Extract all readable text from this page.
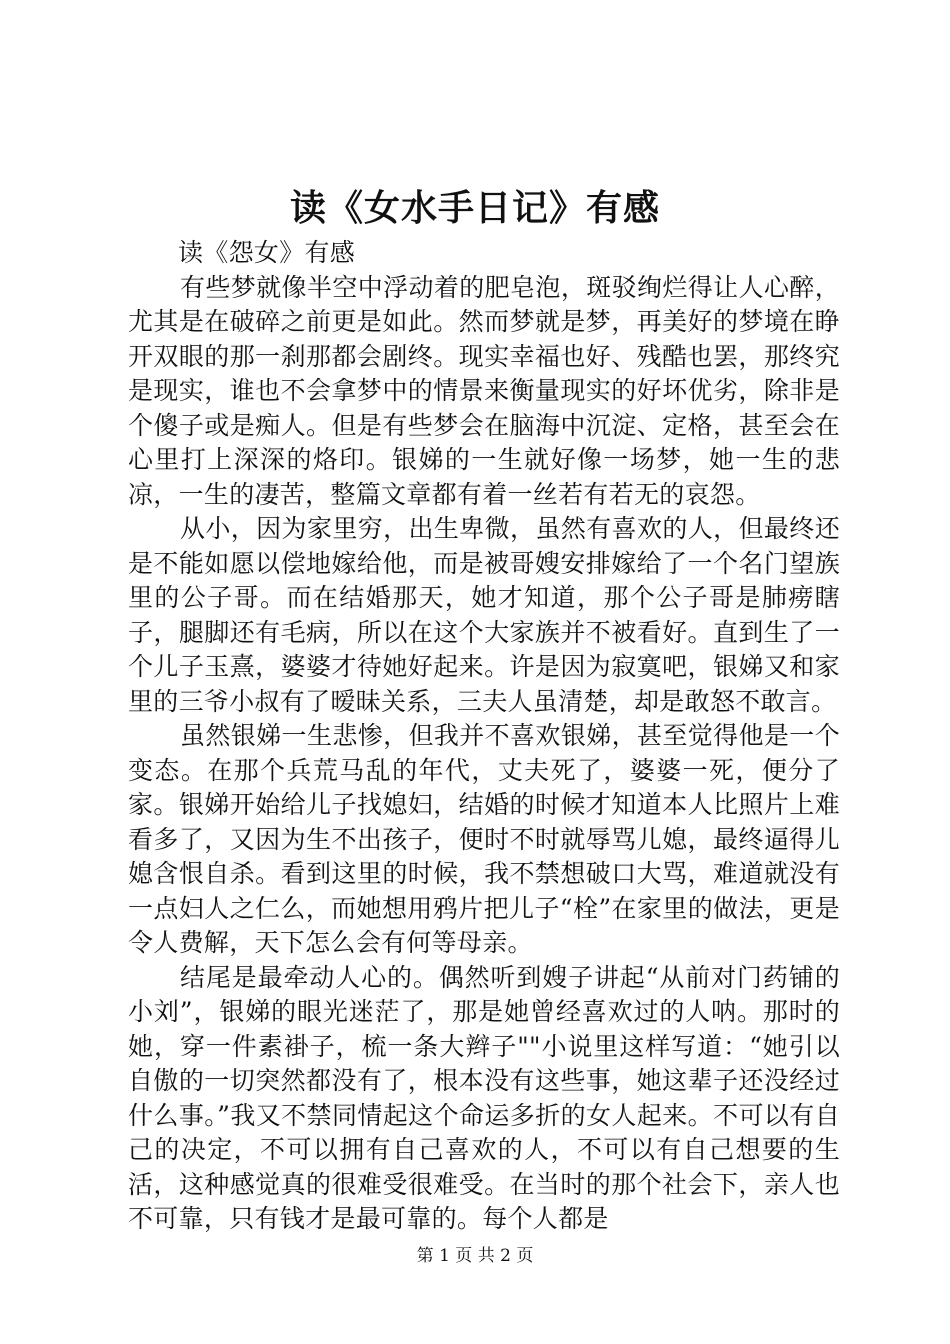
读《女水手日记》有感

读《怨女》有感

有些梦就像半空中浮动着的肥皂泡，斑驳绚烂得让人心醉，尤其是在破碎之前更是如此。然而梦就是梦，再美好的梦境在睁开双眼的那一刹那都会剧终。现实幸福也好、残酷也罢，那终究是现实，谁也不会拿梦中的情景来衡量现实的好坏优劣，除非是个傻子或是痴人。但是有些梦会在脑海中沉淀、定格，甚至会在心里打上深深的烙印。银娣的一生就好像一场梦，她一生的悲凉，一生的凄苦，整篇文章都有着一丝若有若无的哀怨。

从小，因为家里穷，出生卑微，虽然有喜欢的人，但最终还是不能如愿以偿地嫁给他，而是被哥嫂安排嫁给了一个名门望族里的公子哥。而在结婚那天，她才知道，那个公子哥是肺痨瞎子，腿脚还有毛病，所以在这个大家族并不被看好。直到生了一个儿子玉熹，婆婆才待她好起来。许是因为寂寞吧，银娣又和家里的三爷小叔有了暧昧关系，三夫人虽清楚，却是敢怒不敢言。

虽然银娣一生悲惨，但我并不喜欢银娣，甚至觉得他是一个变态。在那个兵荒马乱的年代，丈夫死了，婆婆一死，便分了家。银娣开始给儿子找媳妇，结婚的时候才知道本人比照片上难看多了，又因为生不出孩子，便时不时就辱骂儿媳，最终逼得儿媳含恨自杀。看到这里的时候，我不禁想破口大骂，难道就没有一点妇人之仁么，而她想用鸦片把儿子“栓”在家里的做法，更是令人费解，天下怎么会有何等母亲。

结尾是最牵动人心的。偶然听到嫂子讲起“从前对门药铺的小刘”，银娣的眼光迷茫了，那是她曾经喜欢过的人呐。那时的她，穿一件素褂子，梳一条大辫子""小说里这样写道：“她引以自傲的一切突然都没有了，根本没有这些事，她这辈子还没经过什么事。”我又不禁同情起这个命运多折的女人起来。不可以有自己的决定，不可以拥有自己喜欢的人，不可以有自己想要的生活，这种感觉真的很难受很难受。在当时的那个社会下，亲人也不可靠，只有钱才是最可靠的。每个人都是

第 1 页 共 2 页
